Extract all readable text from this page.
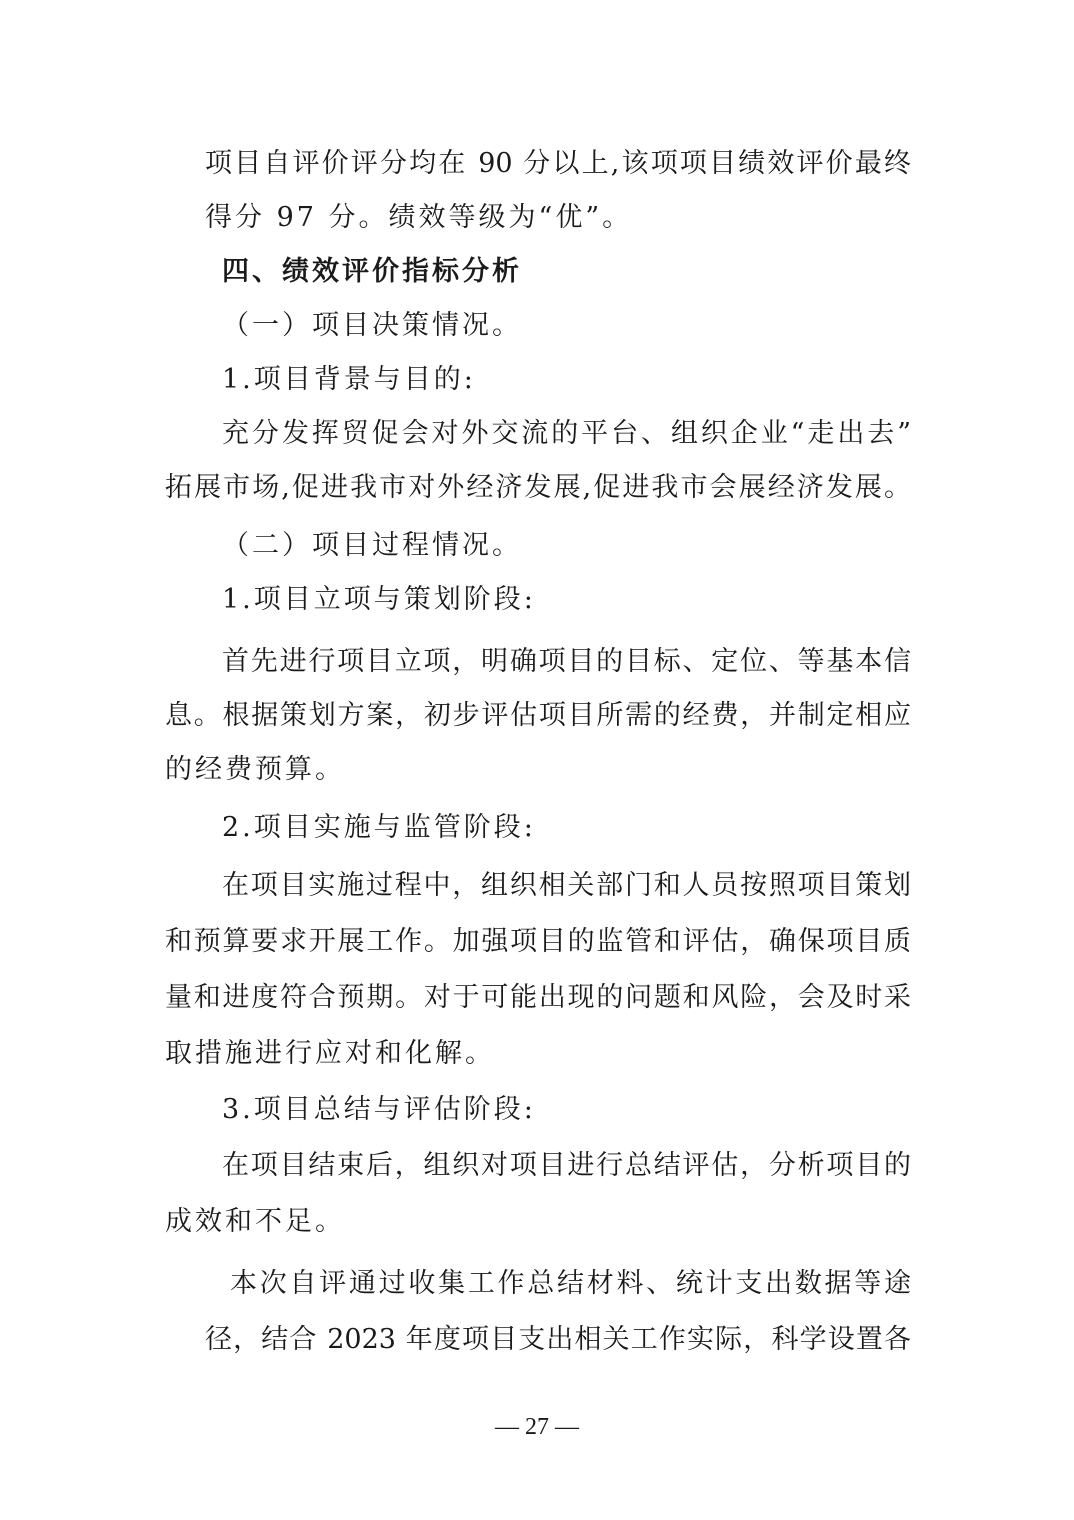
项目自评价评分均在 90 分以上,该项项目绩效评价最终
得分 97 分。绩效等级为“优”。
四、绩效评价指标分析
（一）项目决策情况。
1.项目背景与目的:
充分发挥贸促会对外交流的平台、组织企业“走出去”
拓展市场,促进我市对外经济发展,促进我市会展经济发展。
（二）项目过程情况。
1.项目立项与策划阶段:
首先进行项目立项，明确项目的目标、定位、等基本信
息。根据策划方案，初步评估项目所需的经费，并制定相应
的经费预算。
2.项目实施与监管阶段:
在项目实施过程中，组织相关部门和人员按照项目策划
和预算要求开展工作。加强项目的监管和评估，确保项目质
量和进度符合预期。对于可能出现的问题和风险，会及时采
取措施进行应对和化解。
3.项目总结与评估阶段:
在项目结束后，组织对项目进行总结评估，分析项目的
成效和不足。
本次自评通过收集工作总结材料、统计支出数据等途
径，结合 2023 年度项目支出相关工作实际，科学设置各
— 27 —
